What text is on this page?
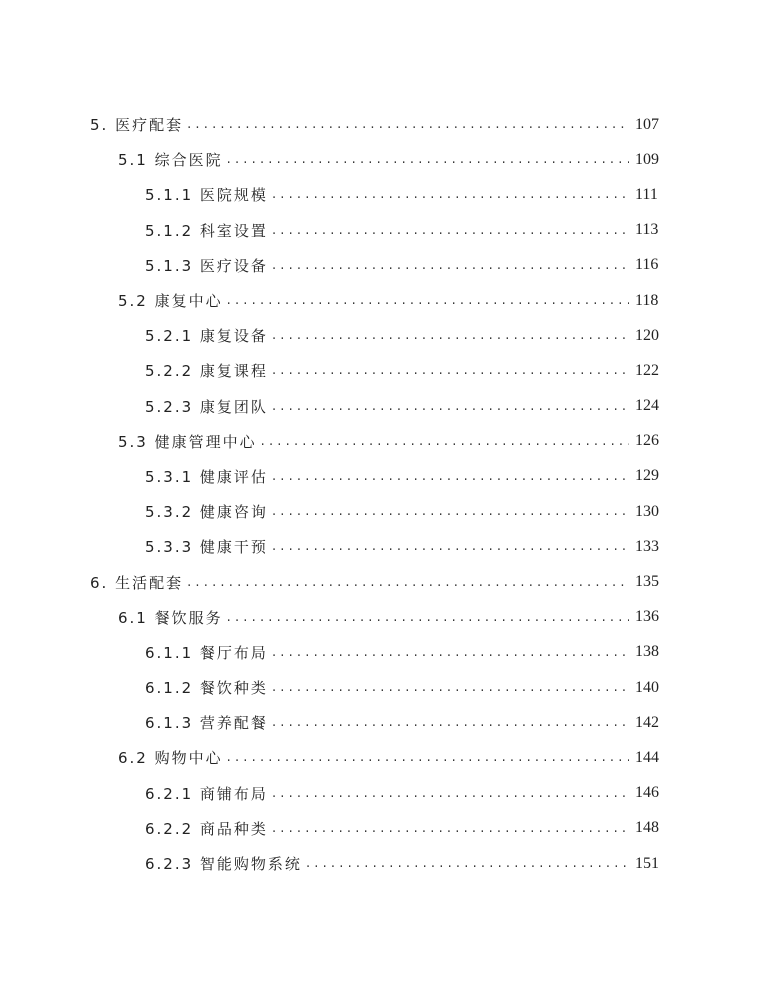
5. 医疗配套 .....	107
5.1 综合医院 .....	109
5.1.1 医院规模 .....	111
5.1.2 科室设置 .....	113
5.1.3 医疗设备 .....	116
5.2 康复中心 .....	118
5.2.1 康复设备 .....	120
5.2.2 康复课程 .....	122
5.2.3 康复团队 .....	124
5.3 健康管理中心 .....	126
5.3.1 健康评估 .....	129
5.3.2 健康咨询 .....	130
5.3.3 健康干预 .....	133
6. 生活配套 .....	135
6.1 餐饮服务 .....	136
6.1.1 餐厅布局 .....	138
6.1.2 餐饮种类 .....	140
6.1.3 营养配餐 .....	142
6.2 购物中心 .....	144
6.2.1 商铺布局 .....	146
6.2.2 商品种类 .....	148
6.2.3 智能购物系统 .....	151
